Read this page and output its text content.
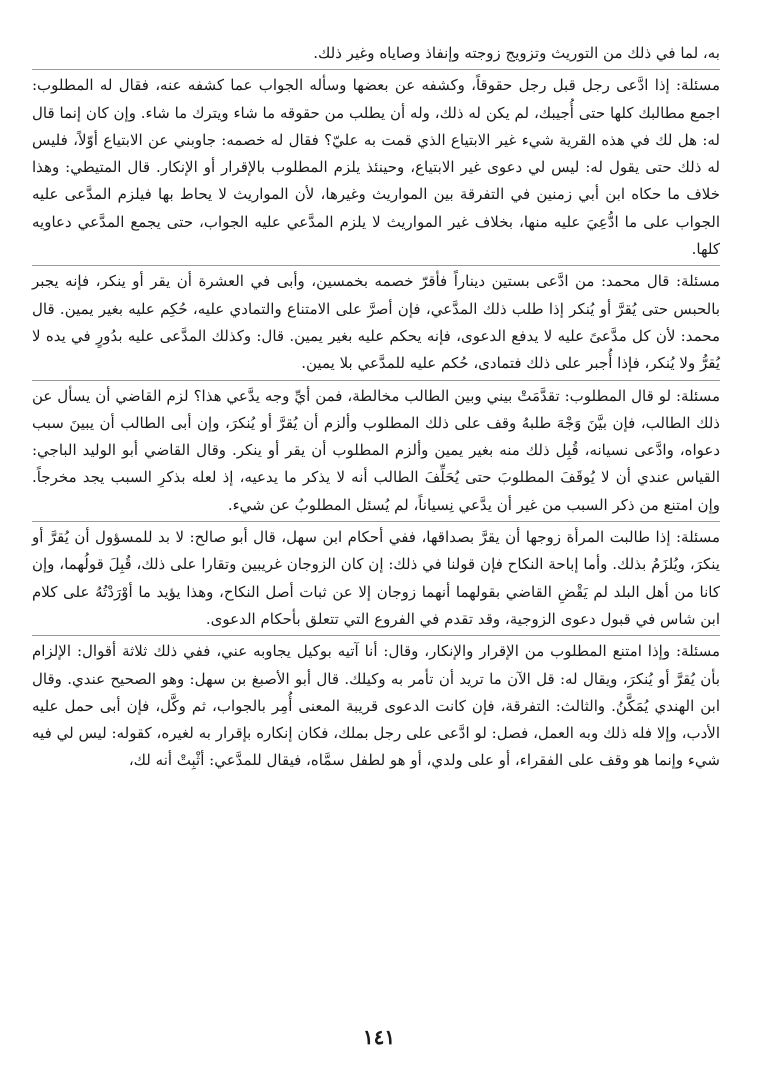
به، لما في ذلك من التوريث وتزويج زوجته وإنفاذ وصاياه وغير ذلك.

مسئلة: إذا ادَّعى رجل قبل رجل حقوقاً، وكشفه عن بعضها وسأله الجواب عما كشفه عنه، فقال له المطلوب: اجمع مطالبك كلها حتى أُجيبك، لم يكن له ذلك، وله أن يطلب من حقوقه ما شاء ويترك ما شاء. وإن كان إنما قال له: هل لك في هذه القرية شيء غير الابتياع الذي قمت به عليّ؟ فقال له خصمه: جاوبني عن الابتياع أوّلاً، فليس له ذلك حتى يقول له: ليس لي دعوى غير الابتياع، وحينئذ يلزم المطلوب بالإقرار أو الإنكار. قال المتيطي: وهذا خلاف ما حكاه ابن أبي زمنين في التفرقة بين المواريث وغيرها، لأن المواريث لا يحاط بها فيلزم المدَّعى عليه الجواب على ما ادُّعِيَ عليه منها، بخلاف غير المواريث لا يلزم المدَّعي عليه الجواب، حتى يجمع المدَّعي دعاويه كلها.

مسئلة: قال محمد: من ادَّعى بستين ديناراً فأقرّ خصمه بخمسين، وأبى في العشرة أن يقر أو ينكر، فإنه يجبر بالحبس حتى يُقرَّ أو يُنكر إذا طلب ذلك المدَّعي، فإن أصرَّ على الامتناع والتمادي عليه، حُكِم عليه بغير يمين. قال محمد: لأن كل مدَّعىً عليه لا يدفع الدعوى، فإنه يحكم عليه بغير يمين. قال: وكذلك المدَّعى عليه بدُورٍ في يده لا يُقرُّ ولا يُنكر، فإذا أُجبر على ذلك فتمادى، حُكم عليه للمدَّعي بلا يمين.

مسئلة: لو قال المطلوب: تقدَّمَتْ بيني وبين الطالب مخالطة، فمن أيِّ وجه يدَّعي هذا؟ لزم القاضي أن يسأل عن ذلك الطالب، فإن بيَّنَ وَجْهَ طلبهُ وقف على ذلك المطلوب وألزم أن يُقرَّ أو يُنكرَ، وإن أبى الطالب أن يبينَ سبب دعواه، وادَّعى نسيانه، قُبِل ذلك منه بغير يمين وألزم المطلوب أن يقر أو ينكر. وقال القاضي أبو الوليد الباجي: القياس عندي أن لا يُوقَفَ المطلوبَ حتى يُحَلِّفَ الطالب أنه لا يذكر ما يدعيه، إذ لعله بذكرِ السبب يجد مخرجاً. وإن امتنع من ذكر السبب من غير أن يدَّعي نِسياناً، لم يُسئل المطلوبُ عن شيء.

مسئلة: إذا طالبت المرأة زوجها أن يقرَّ بصداقها، ففي أحكام ابن سهل، قال أبو صالح: لا بد للمسؤول أن يُقرَّ أو ينكرَ، ويُلزَمُ بذلك. وأما إباحة النكاح فإن قولنا في ذلك: إن كان الزوجان غريبين وتقارا على ذلك، قُبِلَ قولُهما، وإن كانا من أهل البلد لم يَقْضِ القاضي بقولهما أنهما زوجان إلا عن ثبات أصل النكاح، وهذا يؤيد ما أوْرَدْتُهُ على كلام ابن شاس في قبول دعوى الزوجية، وقد تقدم في الفروع التي تتعلق بأحكام الدعوى.

مسئلة: وإذا امتنع المطلوب من الإقرار والإنكار، وقال: أنا آتيه بوكيل يجاوبه عني، ففي ذلك ثلاثة أقوال: الإلزام بأن يُقرَّ أو يُنكرَ، ويقال له: قل الآن ما تريد أن تأمر به وكيلك. قال أبو الأصبغ بن سهل: وهو الصحيح عندي. وقال ابن الهندي يُمَكَّنُ. والثالث: التفرقة، فإن كانت الدعوى قريبة المعنى أُمِر بالجواب، ثم وكَّل، فإن أبى حمل عليه الأدب، وإلا فله ذلك وبه العمل، فصل: لو ادَّعى على رجل بملك، فكان إنكاره بإقرار به لغيره، كقوله: ليس لي فيه شيء وإنما هو وقف على الفقراء، أو على ولدي، أو هو لطفل سمَّاه، فيقال للمدَّعي: أثْبِتْ أنه لك،

١٤١
